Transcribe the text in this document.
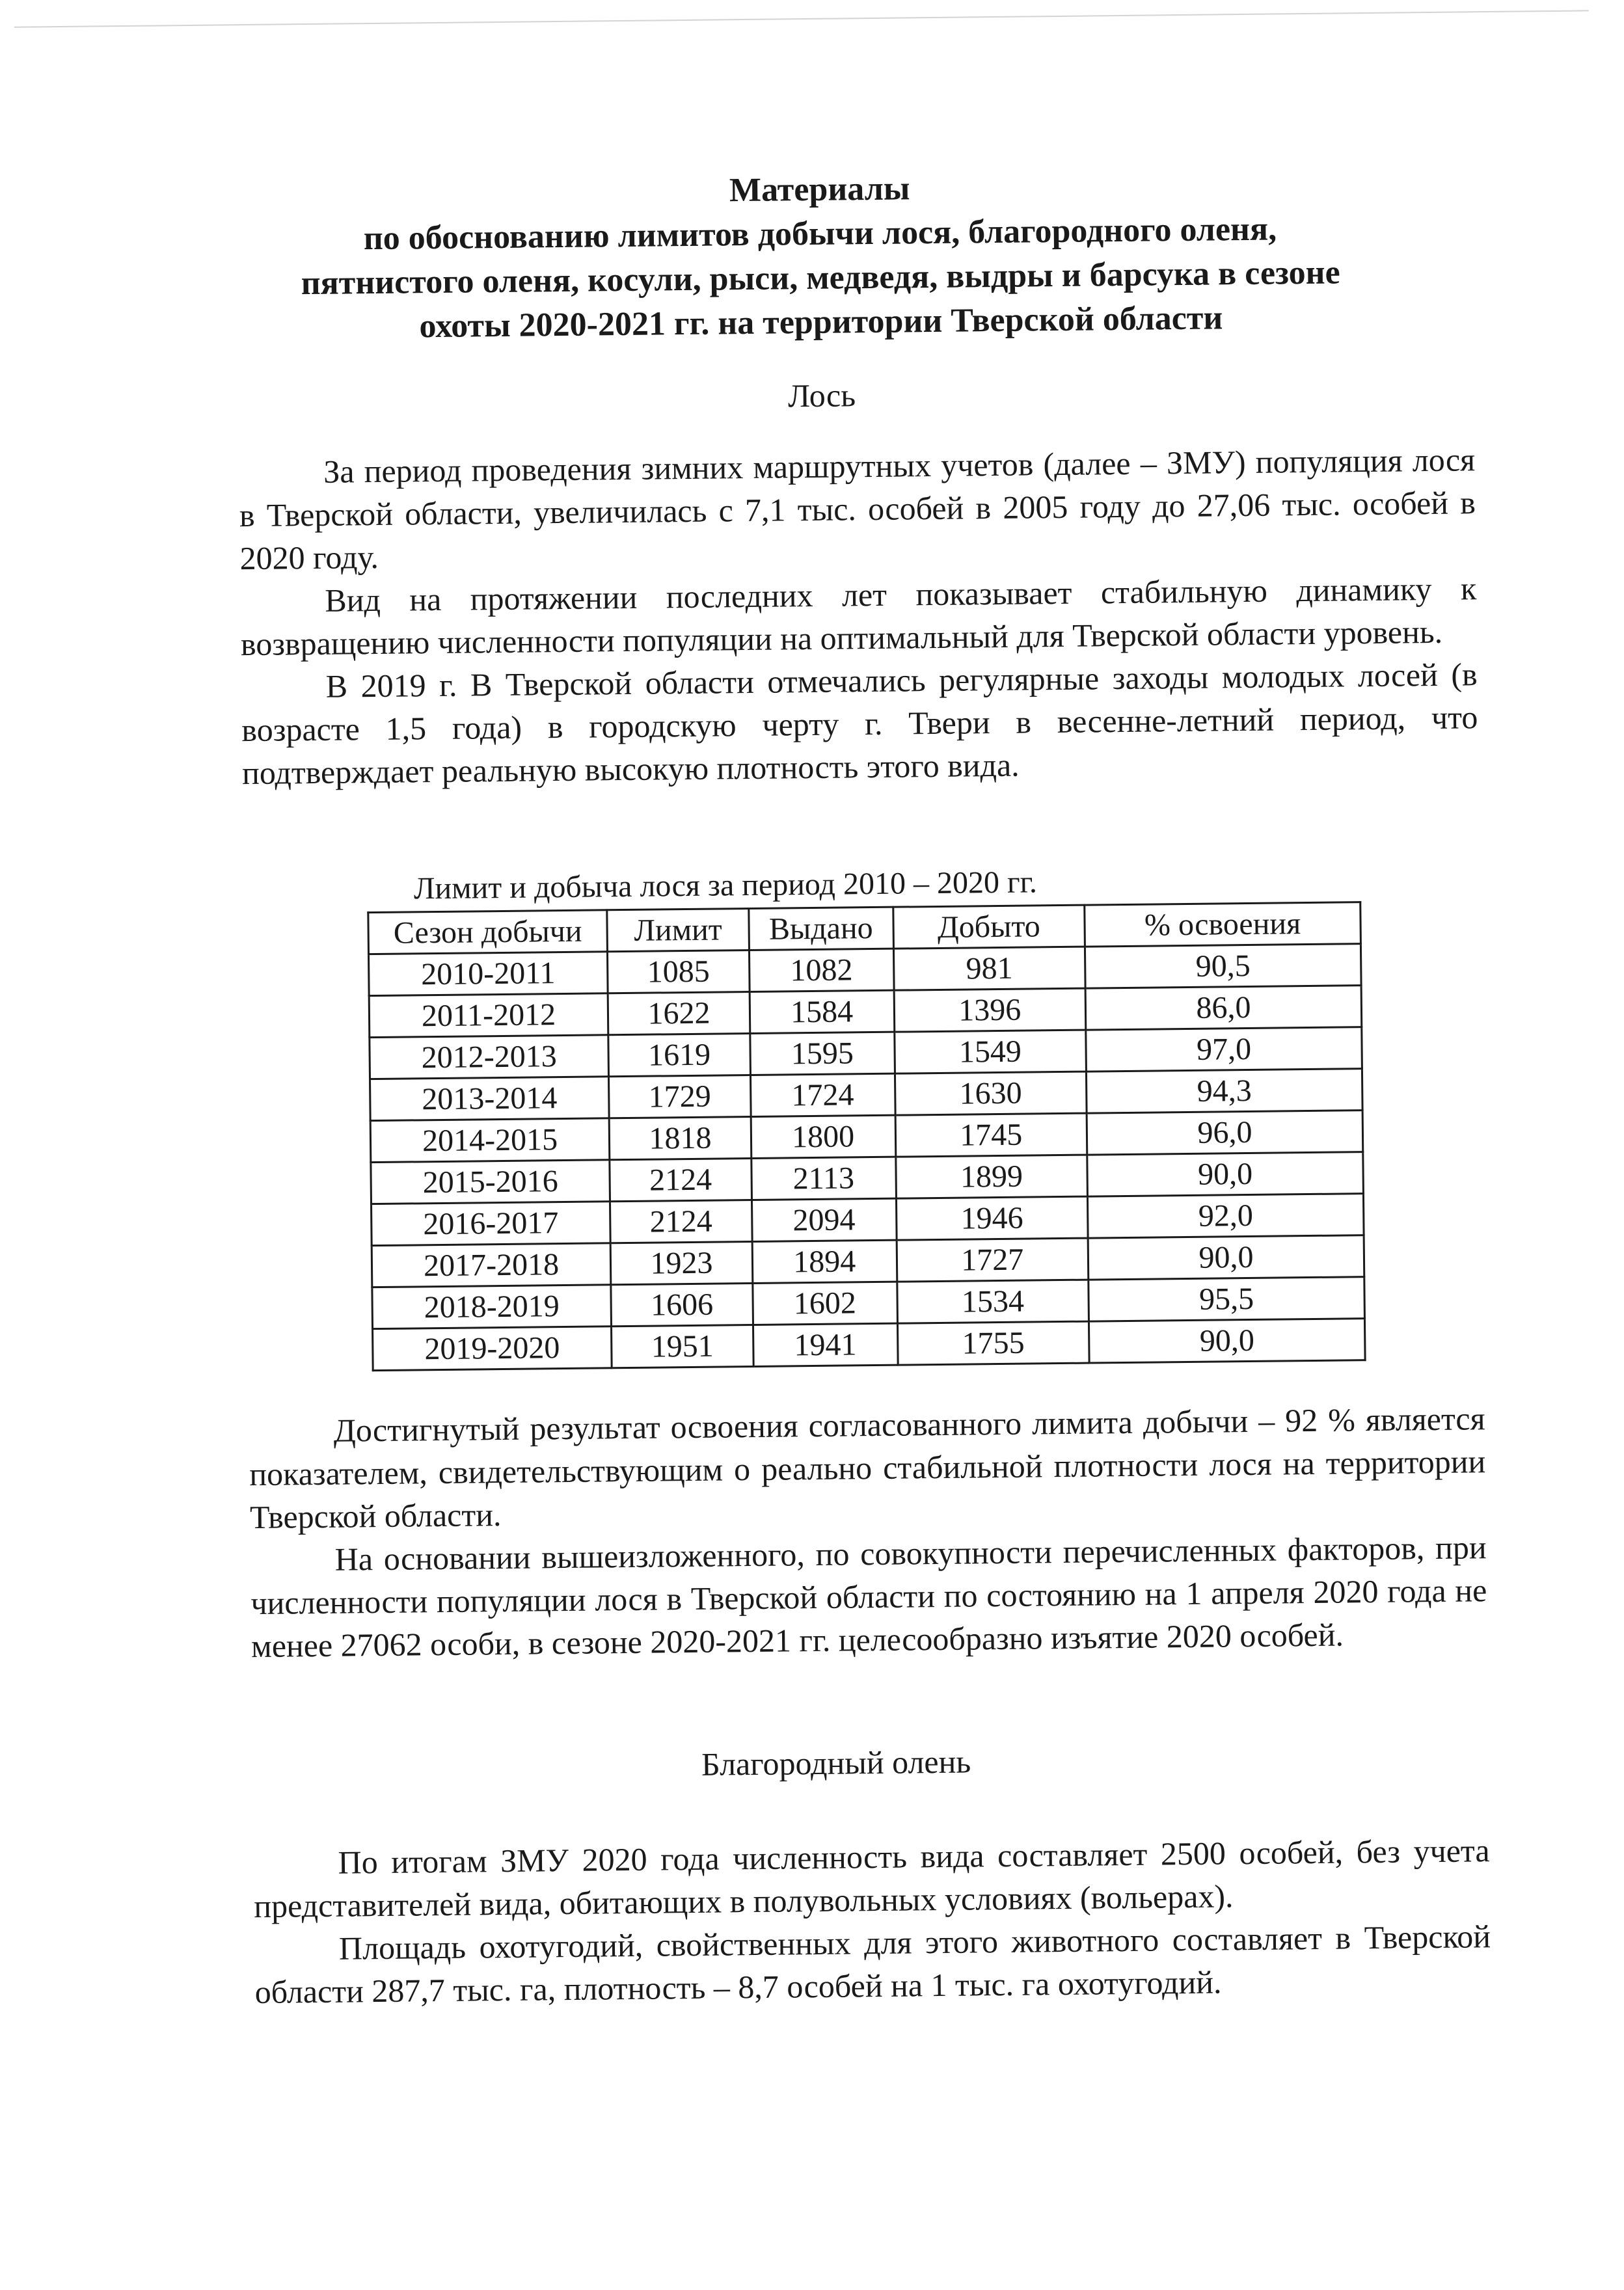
Материалы
по обоснованию лимитов добычи лося, благородного оленя,
пятнистого оленя, косули, рыси, медведя, выдры и барсука в сезоне
охоты 2020-2021 гг. на территории Тверской области
Лось

За период проведения зимних маршрутных учетов (далее – ЗМУ) популяция лося в Тверской области, увеличилась с 7,1 тыс. особей в 2005 году до 27,06 тыс. особей в 2020 году.

Вид на протяжении последних лет показывает стабильную динамику к возвращению численности популяции на оптимальный для Тверской области уровень.

В 2019 г. В Тверской области отмечались регулярные заходы молодых лосей (в возрасте 1,5 года) в городскую черту г. Твери в весенне-летний период, что подтверждает реальную высокую плотность этого вида.

Лимит и добыча лося за период 2010 – 2020 гг.
Сезон добычи	Лимит	Выдано	Добыто	% освоения
2010-2011	1085	1082	981	90,5
2011-2012	1622	1584	1396	86,0
2012-2013	1619	1595	1549	97,0
2013-2014	1729	1724	1630	94,3
2014-2015	1818	1800	1745	96,0
2015-2016	2124	2113	1899	90,0
2016-2017	2124	2094	1946	92,0
2017-2018	1923	1894	1727	90,0
2018-2019	1606	1602	1534	95,5
2019-2020	1951	1941	1755	90,0

Достигнутый результат освоения согласованного лимита добычи – 92 % является показателем, свидетельствующим о реально стабильной плотности лося на территории Тверской области.

На основании вышеизложенного, по совокупности перечисленных факторов, при численности популяции лося в Тверской области по состоянию на 1 апреля 2020 года не менее 27062 особи, в сезоне 2020-2021 гг. целесообразно изъятие 2020 особей.

Благородный олень

По итогам ЗМУ 2020 года численность вида составляет 2500 особей, без учета представителей вида, обитающих в полувольных условиях (вольерах).

Площадь охотугодий, свойственных для этого животного составляет в Тверской области 287,7 тыс. га, плотность – 8,7 особей на 1 тыс. га охотугодий.
